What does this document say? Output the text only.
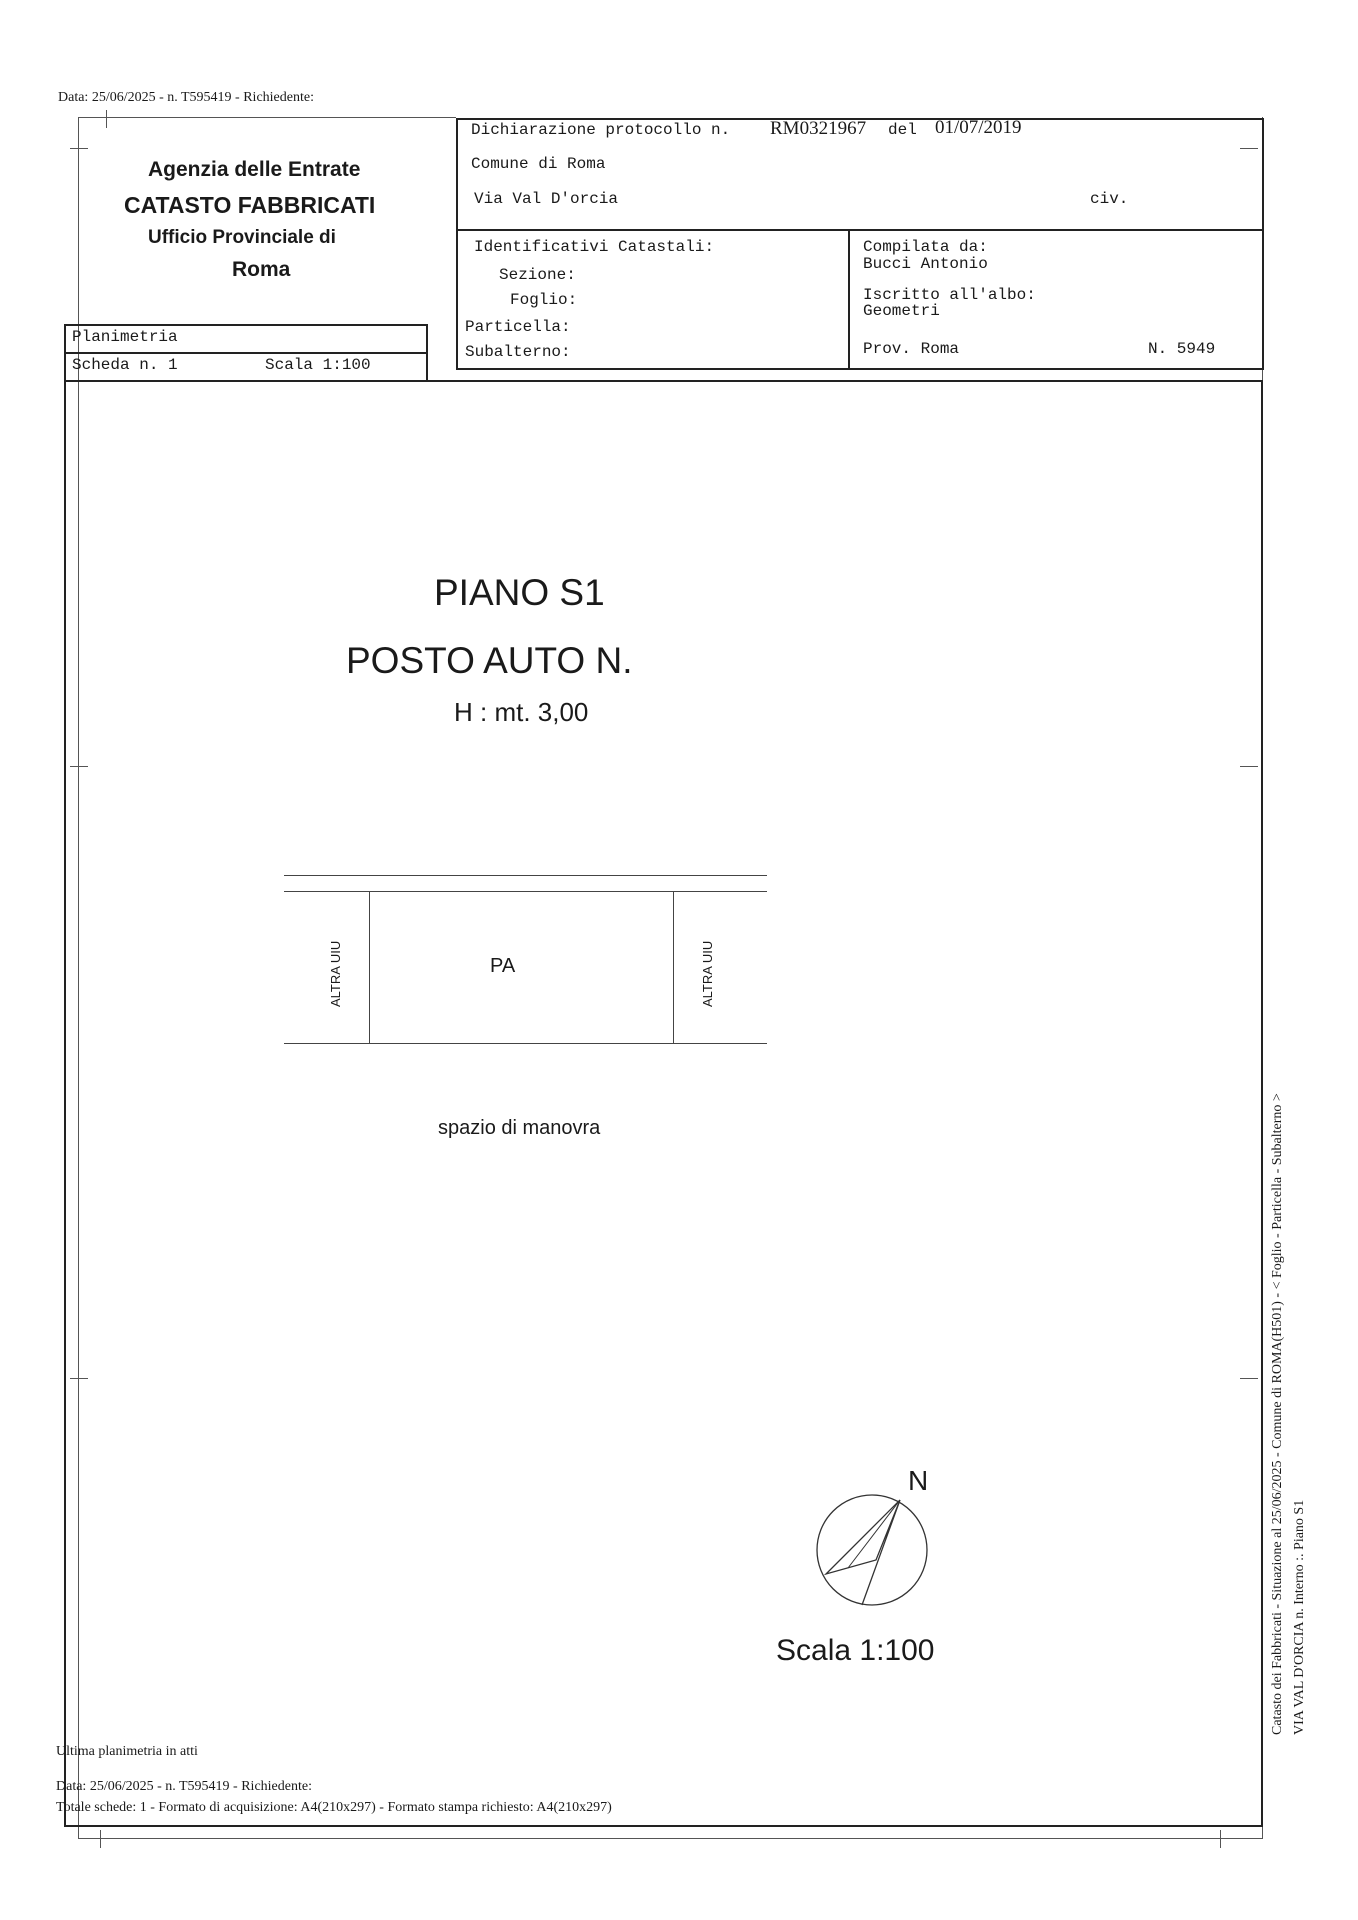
Data: 25/06/2025 - n. T595419 - Richiedente:
Agenzia delle Entrate
CATASTO FABBRICATI
Ufficio Provinciale di
Roma
Dichiarazione protocollo n. RM0321967 del 01/07/2019
Comune di Roma
Via Val D'orcia	civ.
Identificativi Catastali:
Sezione:
Foglio:
Particella:
Subalterno:
Compilata da:
Bucci Antonio
Iscritto all'albo:
Geometri
Prov. Roma	N. 5949
Planimetria
Scheda n. 1	Scala 1:100
PIANO S1
POSTO AUTO N.
H : mt. 3,00
ALTRA UIU	PA	ALTRA UIU
spazio di manovra
N
Scala 1:100	Catasto dei Fabbricati - Situazione al 25/06/2025 - Comune di ROMA(H501) - < Foglio - Particella - Subalterno > VIA VAL D'ORCIA n. Interno :. Piano S1
Ultima planimetria in atti
Data: 25/06/2025 - n. T595419 - Richiedente:
Totale schede: 1 - Formato di acquisizione: A4(210x297) - Formato stampa richiesto: A4(210x297)
